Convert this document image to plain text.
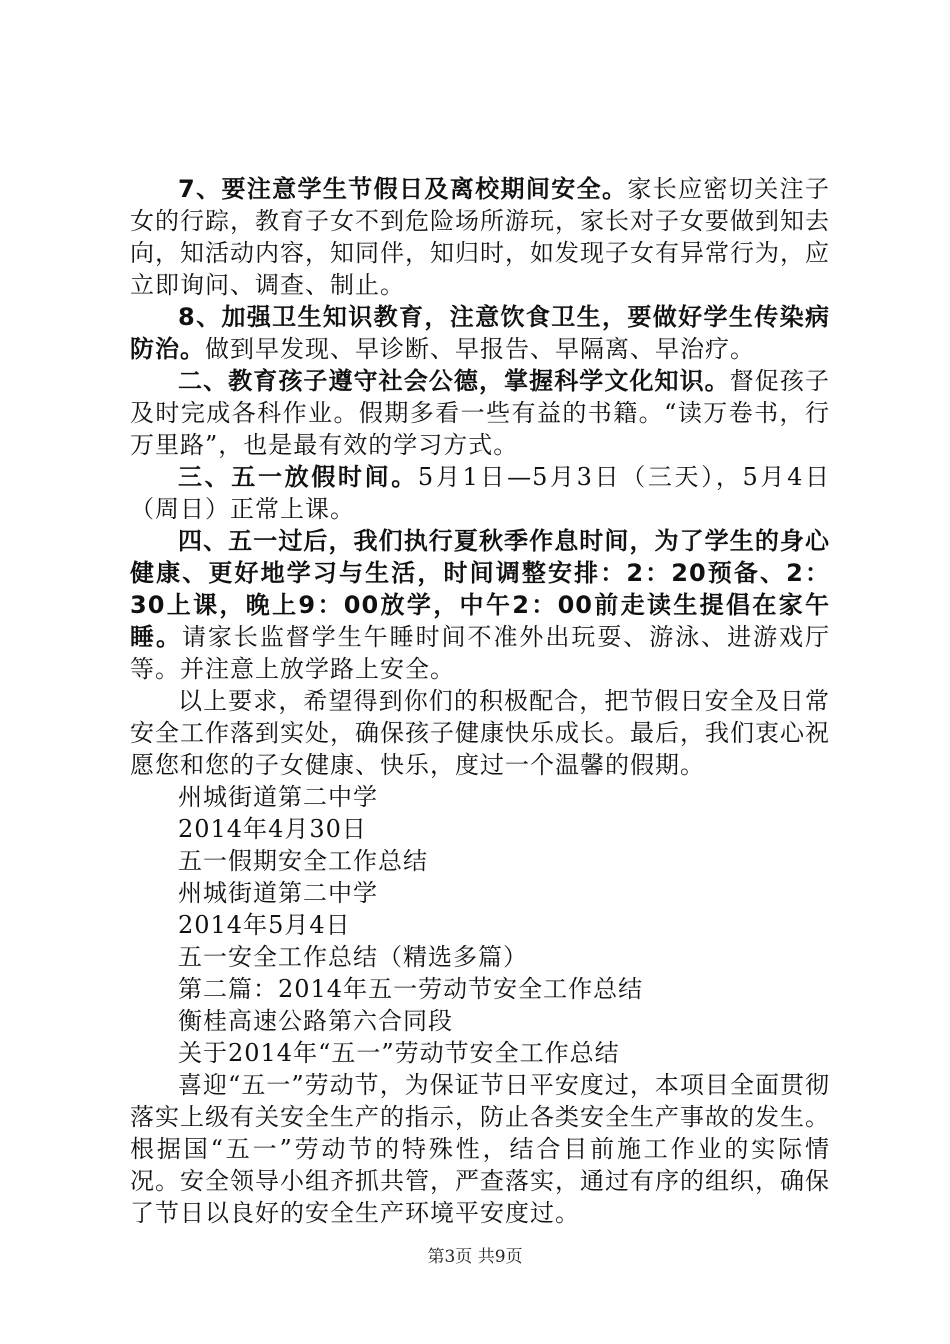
7、要注意学生节假日及离校期间安全。家长应密切关注子女的行踪，教育子女不到危险场所游玩，家长对子女要做到知去向，知活动内容，知同伴，知归时，如发现子女有异常行为，应立即询问、调查、制止。

8、加强卫生知识教育，注意饮食卫生，要做好学生传染病防治。做到早发现、早诊断、早报告、早隔离、早治疗。

二、教育孩子遵守社会公德，掌握科学文化知识。督促孩子及时完成各科作业。假期多看一些有益的书籍。“读万卷书，行万里路”，也是最有效的学习方式。

三、五一放假时间。5月1日—5月3日（三天），5月4日（周日）正常上课。

四、五一过后，我们执行夏秋季作息时间，为了学生的身心健康、更好地学习与生活，时间调整安排：2：20预备、2：30上课，晚上9：00放学，中午2：00前走读生提倡在家午睡。请家长监督学生午睡时间不准外出玩耍、游泳、进游戏厅等。并注意上放学路上安全。

以上要求，希望得到你们的积极配合，把节假日安全及日常安全工作落到实处，确保孩子健康快乐成长。最后，我们衷心祝愿您和您的子女健康、快乐，度过一个温馨的假期。

州城街道第二中学

2014年4月30日

五一假期安全工作总结

州城街道第二中学

2014年5月4日

五一安全工作总结（精选多篇）

第二篇：2014年五一劳动节安全工作总结

衡桂高速公路第六合同段

关于2014年“五一”劳动节安全工作总结

喜迎“五一”劳动节，为保证节日平安度过，本项目全面贯彻落实上级有关安全生产的指示，防止各类安全生产事故的发生。根据国“五一”劳动节的特殊性，结合目前施工作业的实际情况。安全领导小组齐抓共管，严查落实，通过有序的组织，确保了节日以良好的安全生产环境平安度过。

第3页 共9页
